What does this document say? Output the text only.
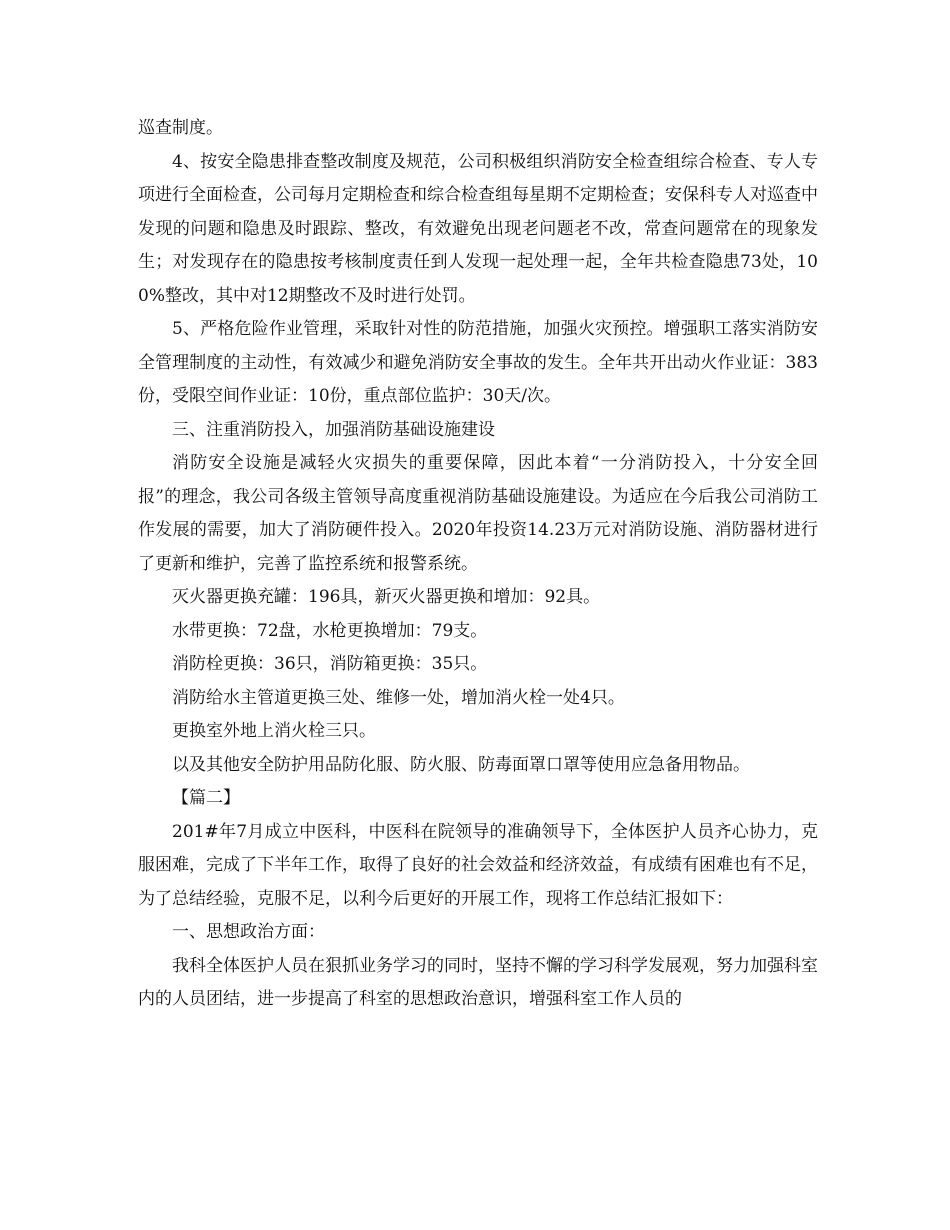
巡查制度。

4、按安全隐患排查整改制度及规范，公司积极组织消防安全检查组综合检查、专人专项进行全面检查，公司每月定期检查和综合检查组每星期不定期检查；安保科专人对巡查中发现的问题和隐患及时跟踪、整改，有效避免出现老问题老不改，常查问题常在的现象发生；对发现存在的隐患按考核制度责任到人发现一起处理一起，全年共检查隐患73处，100%整改，其中对12期整改不及时进行处罚。

5、严格危险作业管理，采取针对性的防范措施，加强火灾预控。增强职工落实消防安全管理制度的主动性，有效减少和避免消防安全事故的发生。全年共开出动火作业证：383份，受限空间作业证：10份，重点部位监护：30天/次。

三、注重消防投入，加强消防基础设施建设

消防安全设施是减轻火灾损失的重要保障，因此本着“一分消防投入，十分安全回报”的理念，我公司各级主管领导高度重视消防基础设施建设。为适应在今后我公司消防工作发展的需要，加大了消防硬件投入。2020年投资14.23万元对消防设施、消防器材进行了更新和维护，完善了监控系统和报警系统。

灭火器更换充罐：196具，新灭火器更换和增加：92具。

水带更换：72盘，水枪更换增加：79支。

消防栓更换：36只，消防箱更换：35只。

消防给水主管道更换三处、维修一处，增加消火栓一处4只。

更换室外地上消火栓三只。

以及其他安全防护用品防化服、防火服、防毒面罩口罩等使用应急备用物品。

【篇二】

201#年7月成立中医科，中医科在院领导的准确领导下，全体医护人员齐心协力，克服困难，完成了下半年工作，取得了良好的社会效益和经济效益，有成绩有困难也有不足，为了总结经验，克服不足，以利今后更好的开展工作，现将工作总结汇报如下：

一、思想政治方面：

我科全体医护人员在狠抓业务学习的同时，坚持不懈的学习科学发展观，努力加强科室内的人员团结，进一步提高了科室的思想政治意识，增强科室工作人员的
